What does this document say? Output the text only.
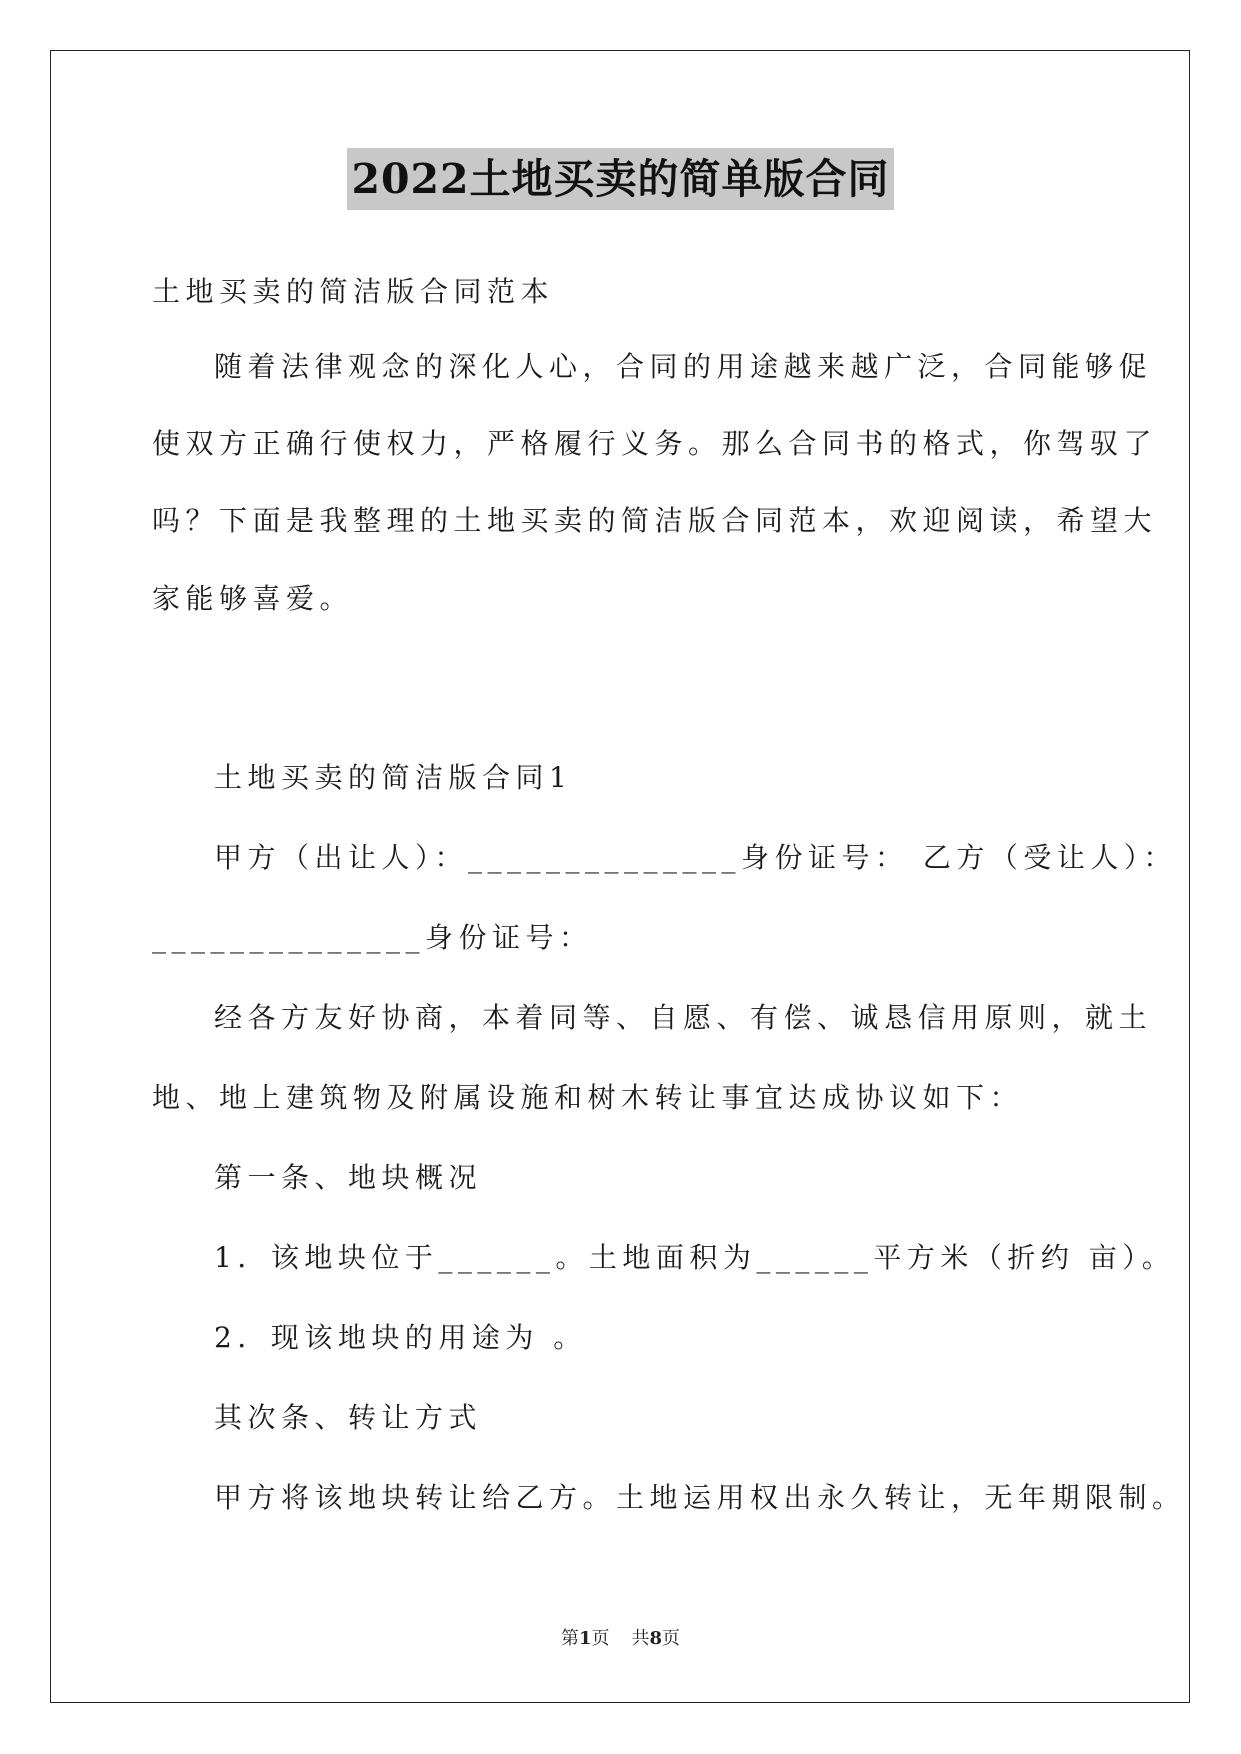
2022土地买卖的简单版合同
土地买卖的简洁版合同范本
随着法律观念的深化人心，合同的用途越来越广泛，合同能够促
使双方正确行使权力，严格履行义务。那么合同书的格式，你驾驭了
吗？下面是我整理的土地买卖的简洁版合同范本，欢迎阅读，希望大
家能够喜爱。
土地买卖的简洁版合同1
甲方（出让人）：______________身份证号： 乙方（受让人）：
______________身份证号：
经各方友好协商，本着同等、自愿、有偿、诚恳信用原则，就土
地、地上建筑物及附属设施和树木转让事宜达成协议如下：
第一条、地块概况
1．该地块位于______。土地面积为______平方米（折约 亩）。
2．现该地块的用途为 。
其次条、转让方式
甲方将该地块转让给乙方。土地运用权出永久转让，无年期限制。
第1页 共8页
